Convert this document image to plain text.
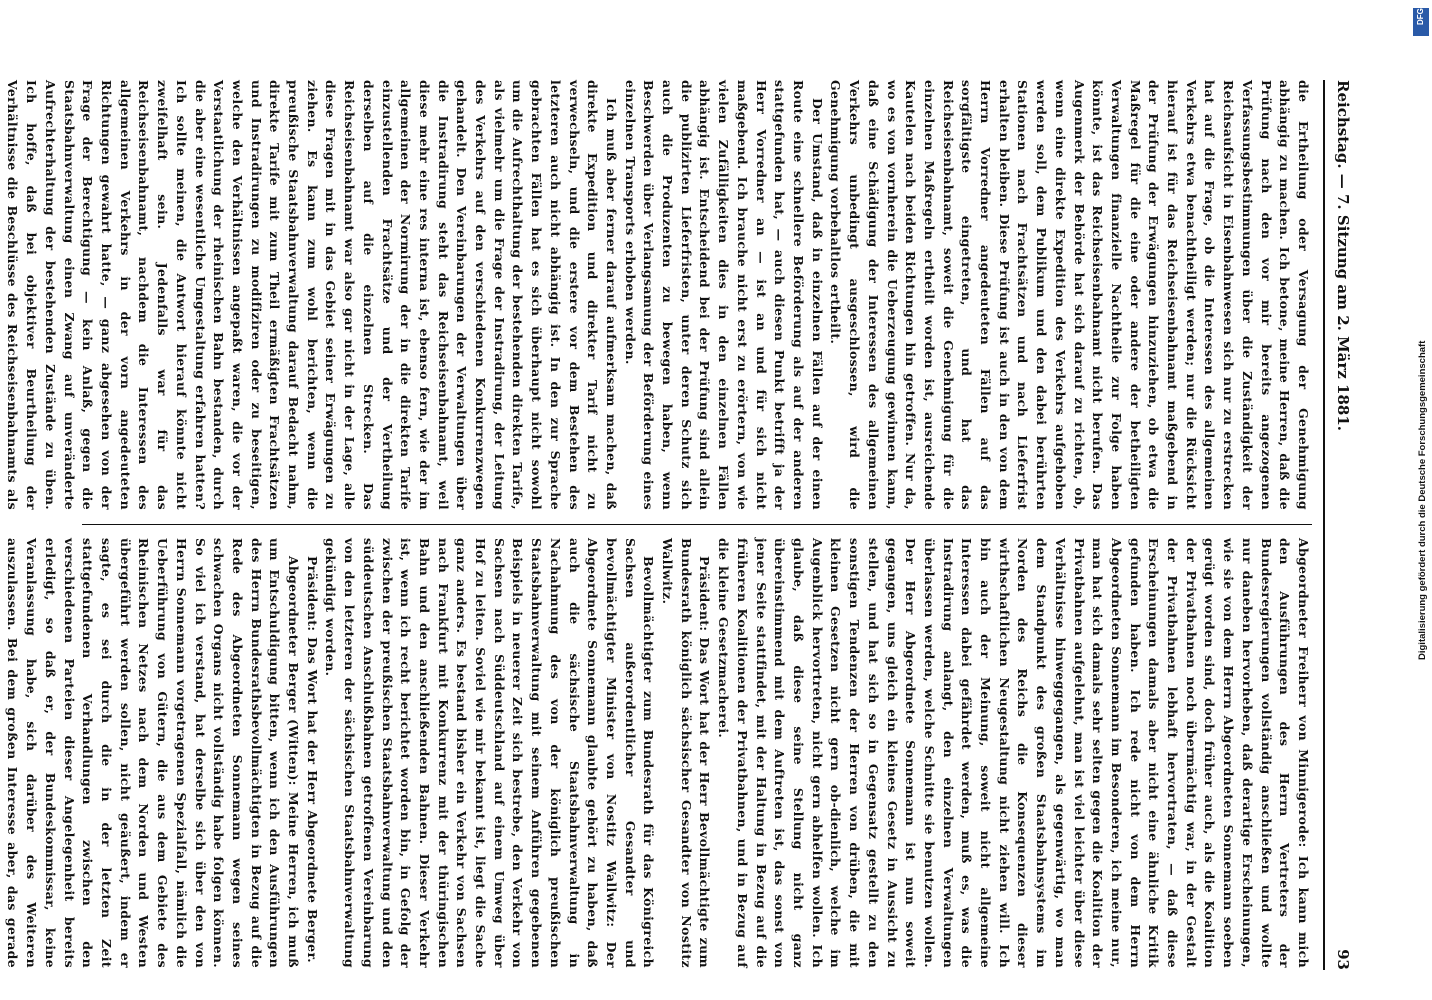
Reichstag. — 7. Sitzung am 2. März 1881.
93

die Ertheilung oder Versagung der Genehmigung abhängig zu machen. Ich betone, meine Herren, daß die Prüfung nach den vor mir bereits angezogenen Verfassungsbestimmungen über die Zuständigkeit der Reichsaufsicht in Eisenbahnwesen sich nur zu erstrecken hat auf die Frage, ob die Interessen des allgemeinen Verkehrs etwa benachtheiligt werden; nur die Rücksicht hierauf ist für das Reichseisenbahnamt maßgebend in der Prüfung der Erwägungen hinzuziehen, ob etwa die Maßregel für die eine oder andere der betheiligten Verwaltungen finanzielle Nachtheile zur Folge haben könnte, ist das Reichseisenbahnamt nicht berufen. Das Augenmerk der Behörde hat sich darauf zu richten, ob, wenn eine direkte Expedition des Verkehrs aufgehoben werden soll, dem Publikum und den dabei berührten Stationen nach Frachtsätzen und nach Lieferfrist erhalten bleiben. Diese Prüfung ist auch in den von dem Herrn Vorredner angedeuteten Fällen auf das sorgfältigste eingetreten, und hat das Reichseisenbahnamt, soweit die Genehmigung für die einzelnen Maßregeln ertheilt worden ist, ausreichende Kautelen nach beiden Richtungen hin getroffen. Nur da, wo es von vornherein die Ueberzeugung gewinnen kann, daß eine Schädigung der Interessen des allgemeinen Verkehrs unbedingt ausgeschlossen, wird die Genehmigung vorbehaltlos ertheilt.

Der Umstand, daß in einzelnen Fällen auf der einen Route eine schnellere Beförderung als auf der anderen stattgefunden hat, — auch diesen Punkt betrifft ja der Herr Vorredner an — ist an und für sich nicht maßgebend. Ich brauche nicht erst zu erörtern, von wie vielen Zufälligkeiten dies in den einzelnen Fällen abhängig ist. Entscheidend bei der Prüfung sind allein die publizirten Lieferfristen, unter deren Schutz sich auch die Produzenten zu bewegen haben, wenn Beschwerden über Verlangsamung der Beförderung eines einzelnen Transports erhoben werden.

Ich muß aber ferner darauf aufmerksam machen, daß direkte Expedition und direkter Tarif nicht zu verwechseln, und die erstere vor dem Bestehen des letzteren auch nicht abhängig ist. In den zur Sprache gebrachten Fällen hat es sich überhaupt nicht sowohl um die Aufrechthaltung der bestehenden direkten Tarife, als vielmehr um die Frage der Instradirung, der Leitung des Verkehrs auf den verschiedenen Konkurrenzwegen gehandelt. Den Vereinbarungen der Verwaltungen über die Instradirung steht das Reichseisenbahnamt, weil diese mehr eine res interna ist, ebenso fern, wie der im allgemeinen der Normirung der in die direkten Tarife einzustellenden Frachtsätze und der Vertheilung derselben auf die einzelnen Strecken. Das Reichseisenbahnamt war also gar nicht in der Lage, alle diese Fragen mit in das Gebiet seiner Erwägungen zu ziehen. Es kann zum wohl berichten, wenn die preußische Staatsbahnverwaltung darauf Bedacht nahm, direkte Tarife mit zum Theil ermäßigten Frachtsätzen und Instradirungen zu modifiziren oder zu beseitigen, welche den Verhältnissen angepaßt waren, die vor der Verstaatlichung der rheinischen Bahn bestanden, durch die aber eine wesentliche Umgestaltung erfahren hatten? Ich sollte meinen, die Antwort hierauf könnte nicht zweifelhaft sein. Jedenfalls war für das Reichseisenbahnamt, nachdem die Interessen des allgemeinen Verkehrs in der vorn angedeuteten Richtungen gewahrt hatte, — ganz abgesehen von der Frage der Berechtigung — kein Anlaß, gegen die Staatsbahnverwaltung einen Zwang auf unveränderte Aufrechterhaltung der bestehenden Zustände zu üben. Ich hoffe, daß bei objektiver Beurtheilung der Verhältnisse die Beschlüsse des Reichseisenbahnamts als

Abgeordneter Freiherr von Minnigerode: Ich kann mich den Ausführungen des Herrn Vertreters der Bundesregierungen vollständig anschließen und wollte nur daneben hervorheben, daß derartige Erscheinungen, wie sie von dem Herrn Abgeordneten Sonnemann soeben gerügt worden sind, doch früher auch, als die Koalition der Privatbahnen noch übermächtig war, in der Gestalt der Privatbahnen lebhaft hervortraten, — daß diese Erscheinungen damals aber nicht eine ähnliche Kritik gefunden haben. Ich rede nicht von dem Herrn Abgeordneten Sonnemann im Besonderen, ich meine nur, man hat sich damals sehr selten gegen die Koalition der Privatbahnen aufgelehnt, man ist viel leichter über diese Verhältnisse hinweggegangen, als gegenwärtig, wo man dem Standpunkt des großen Staatsbahnsystems im Norden des Reichs die Konsequenzen dieser wirthschaftlichen Neugestaltung nicht ziehen will. Ich bin auch der Meinung, soweit nicht allgemeine Interessen dabei gefährdet werden, muß es, was die Instradirung anlangt, den einzelnen Verwaltungen überlassen werden, welche Schnitte sie benutzen wollen. Der Herr Abgeordnete Sonnemann ist nun soweit gegangen, uns gleich ein kleines Gesetz in Aussicht zu stellen, und hat sich so in Gegensatz gestellt zu den sonstigen Tendenzen der Herren von drüben, die mit kleinen Gesetzen nicht gern ob-dienlich, welche im Augenblick hervortreten, nicht gern abhelfen wollen. Ich glaube, daß diese seine Stellung nicht ganz übereinstimmend mit dem Auftreten ist, das sonst von jener Seite stattfindet, mit der Haltung in Bezug auf die früheren Koalitionen der Privatbahnen, und in Bezug auf die kleine Gesetzmacherei.

Präsident: Das Wort hat der Herr Bevollmächtigte zum Bundesrath königlich sächsischer Gesandter von Nostitz Wallwitz.

Bevollmächtigter zum Bundesrath für das Königreich Sachsen außerordentlicher Gesandter und bevollmächtigter Minister von Nostitz Wallwitz: Der Abgeordnete Sonnemann glaubte gehört zu haben, daß auch die sächsische Staatsbahnverwaltung in Nachahmung des von der königlich preußischen Staatsbahnverwaltung mit seinem Anführen gegebenen Beispiels in neuerer Zeit sich bestrebe, den Verkehr von Sachsen nach Süddeutschland auf einem Umweg über Hof zu leiten. Soviel wie mir bekannt ist, liegt die Sache ganz anders. Es bestand bisher ein Verkehr von Sachsen nach Frankfurt mit Konkurrenz mit der thüringischen Bahn und den anschließenden Bahnen. Dieser Verkehr ist, wenn ich recht berichtet worden bin, in Gefolg der zwischen der preußischen Staatsbahnverwaltung und den süddeutschen Anschlußbahnen getroffenen Vereinbarung von den letzteren der sächsischen Staatsbahnverwaltung gekündigt worden.

Präsident: Das Wort hat der Herr Abgeordnete Berger.

Abgeordneter Berger (Witten): Meine Herren, ich muß um Entschuldigung bitten, wenn ich den Ausführungen des Herrn Bundesrathsbevollmächtigten in Bezug auf die Rede des Abgeordneten Sonnemann wegen seines schwachen Organs nicht vollständig habe folgen können. So viel ich verstand, hat derselbe sich über den von Herrn Sonnemann vorgetragenen Spezialfall, nämlich die Ueberführung von Gütern, die aus dem Gebiete des Rheinischen Netzes nach dem Norden und Westen übergeführt werden sollen, nicht geäußert, indem er sagte, es sei durch die in der letzten Zeit stattgefundenen Verhandlungen zwischen den verschiedenen Parteien dieser Angelegenheit bereits erledigt, so daß er, der Bundeskommissar, keine Veranlassung habe, sich darüber des Weiteren auszulassen. Bei dem großen Interesse aber, das gerade

Digitalisierung gefördert durch die Deutsche Forschungsgemeinschaft
DFG
